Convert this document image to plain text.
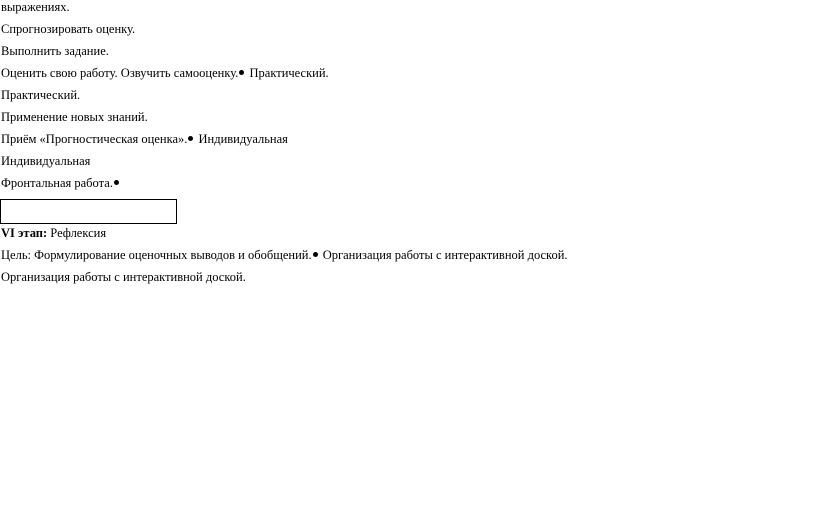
выражениях.
Спрогнозировать оценку.
Выполнить задание.
Оценить свою работу. Озвучить самооценку. Практический.
Практический.
Применение новых знаний.
Приём «Прогностическая оценка». Индивидуальная
Индивидуальная
Фронтальная работа.
VI этап: Рефлексия
Цель: Формулирование оценочных выводов и обобщений. Организация работы с интерактивной доской.
Организация работы с интерактивной доской.
